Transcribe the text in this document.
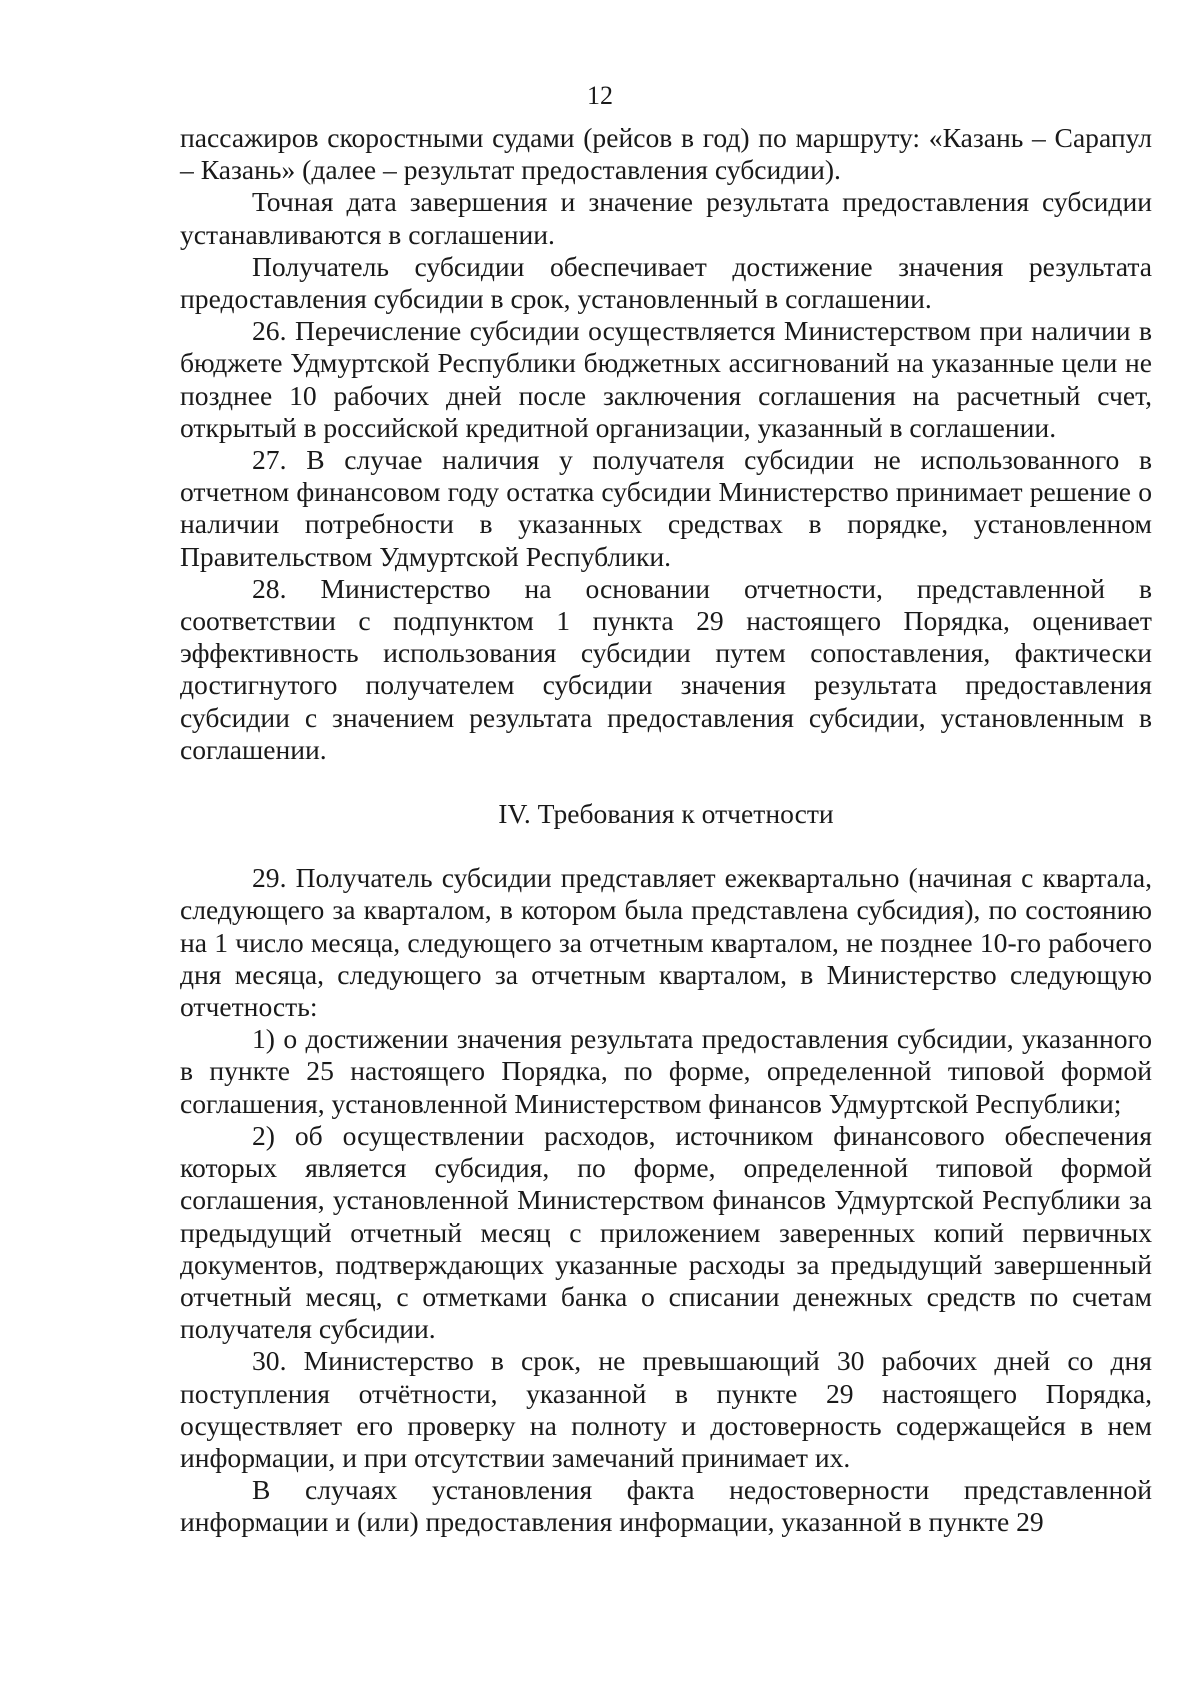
12

пассажиров скоростными судами (рейсов в год) по маршруту: «Казань – Сарапул – Казань» (далее – результат предоставления субсидии).

Точная дата завершения и значение результата предоставления субсидии устанавливаются в соглашении.

Получатель субсидии обеспечивает достижение значения результата предоставления субсидии в срок, установленный в соглашении.

26. Перечисление субсидии осуществляется Министерством при наличии в бюджете Удмуртской Республики бюджетных ассигнований на указанные цели не позднее 10 рабочих дней после заключения соглашения на расчетный счет, открытый в российской кредитной организации, указанный в соглашении.

27. В случае наличия у получателя субсидии не использованного в отчетном финансовом году остатка субсидии Министерство принимает решение о наличии потребности в указанных средствах в порядке, установленном Правительством Удмуртской Республики.

28. Министерство на основании отчетности, представленной в соответствии с подпунктом 1 пункта 29 настоящего Порядка, оценивает эффективность использования субсидии путем сопоставления, фактически достигнутого получателем субсидии значения результата предоставления субсидии с значением результата предоставления субсидии, установленным в соглашении.

IV. Требования к отчетности

29. Получатель субсидии представляет ежеквартально (начиная с квартала, следующего за кварталом, в котором была представлена субсидия), по состоянию на 1 число месяца, следующего за отчетным кварталом, не позднее 10-го рабочего дня месяца, следующего за отчетным кварталом, в Министерство следующую отчетность:

1) о достижении значения результата предоставления субсидии, указанного в пункте 25 настоящего Порядка, по форме, определенной типовой формой соглашения, установленной Министерством финансов Удмуртской Республики;

2) об осуществлении расходов, источником финансового обеспечения которых является субсидия, по форме, определенной типовой формой соглашения, установленной Министерством финансов Удмуртской Республики за предыдущий отчетный месяц с приложением заверенных копий первичных документов, подтверждающих указанные расходы за предыдущий завершенный отчетный месяц, с отметками банка о списании денежных средств по счетам получателя субсидии.

30. Министерство в срок, не превышающий 30 рабочих дней со дня поступления отчётности, указанной в пункте 29 настоящего Порядка, осуществляет его проверку на полноту и достоверность содержащейся в нем информации, и при отсутствии замечаний принимает их.

В случаях установления факта недостоверности представленной информации и (или) предоставления информации, указанной в пункте 29
